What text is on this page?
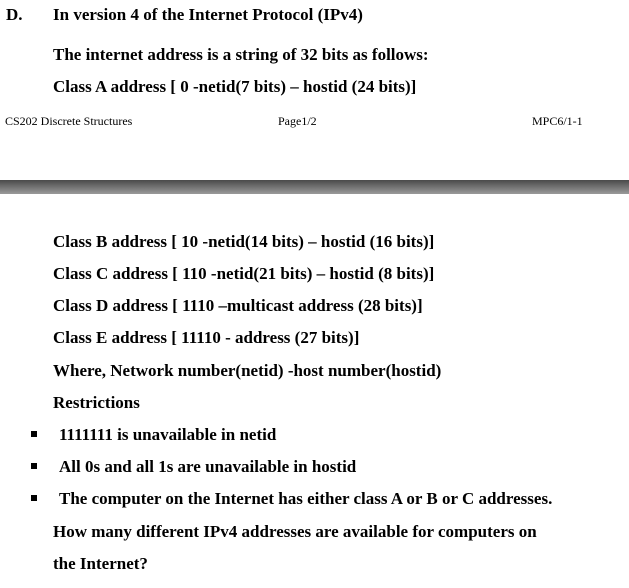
D. In version 4 of the Internet Protocol (IPv4)
The internet address is a string of 32 bits as follows:
Class A address [ 0 -netid(7 bits) – hostid (24 bits)]
CS202 Discrete Structures	Page1/2	MPC6/1-1
Class B address [ 10 -netid(14 bits) – hostid (16 bits)]
Class C address [ 110 -netid(21 bits) – hostid (8 bits)]
Class D address [ 1110 –multicast address (28 bits)]
Class E address [ 11110 - address (27 bits)]
Where, Network number(netid) -host number(hostid)
Restrictions
1111111 is unavailable in netid
All 0s and all 1s are unavailable in hostid
The computer on the Internet has either class A or B or C addresses.
How many different IPv4 addresses are available for computers on
the Internet?
